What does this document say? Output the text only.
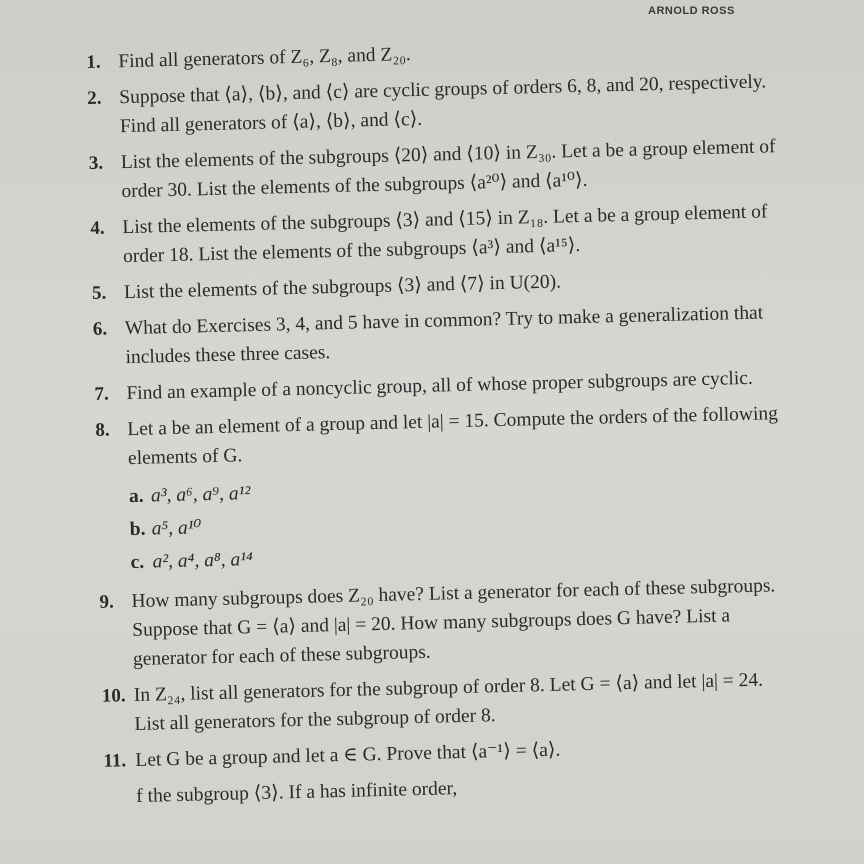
ARNOLD ROSS
1. Find all generators of Z₆, Z₈, and Z₂₀.
2. Suppose that ⟨a⟩, ⟨b⟩, and ⟨c⟩ are cyclic groups of orders 6, 8, and 20, respectively. Find all generators of ⟨a⟩, ⟨b⟩, and ⟨c⟩.
3. List the elements of the subgroups ⟨20⟩ and ⟨10⟩ in Z₃₀. Let a be a group element of order 30. List the elements of the subgroups ⟨a²⁰⟩ and ⟨a¹⁰⟩.
4. List the elements of the subgroups ⟨3⟩ and ⟨15⟩ in Z₁₈. Let a be a group element of order 18. List the elements of the subgroups ⟨a³⟩ and ⟨a¹⁵⟩.
5. List the elements of the subgroups ⟨3⟩ and ⟨7⟩ in U(20).
6. What do Exercises 3, 4, and 5 have in common? Try to make a generalization that includes these three cases.
7. Find an example of a noncyclic group, all of whose proper subgroups are cyclic.
8. Let a be an element of a group and let |a| = 15. Compute the orders of the following elements of G.
a. a³, a⁶, a⁹, a¹²
b. a⁵, a¹⁰
c. a², a⁴, a⁸, a¹⁴
9. How many subgroups does Z₂₀ have? List a generator for each of these subgroups. Suppose that G = ⟨a⟩ and |a| = 20. How many subgroups does G have? List a generator for each of these subgroups.
10. In Z₂₄, list all generators for the subgroup of order 8. Let G = ⟨a⟩ and let |a| = 24. List all generators for the subgroup of order 8.
11. Let G be a group and let a ∈ G. Prove that ⟨a⁻¹⟩ = ⟨a⟩.
f the subgroup ⟨3⟩. If a has infinite order,
